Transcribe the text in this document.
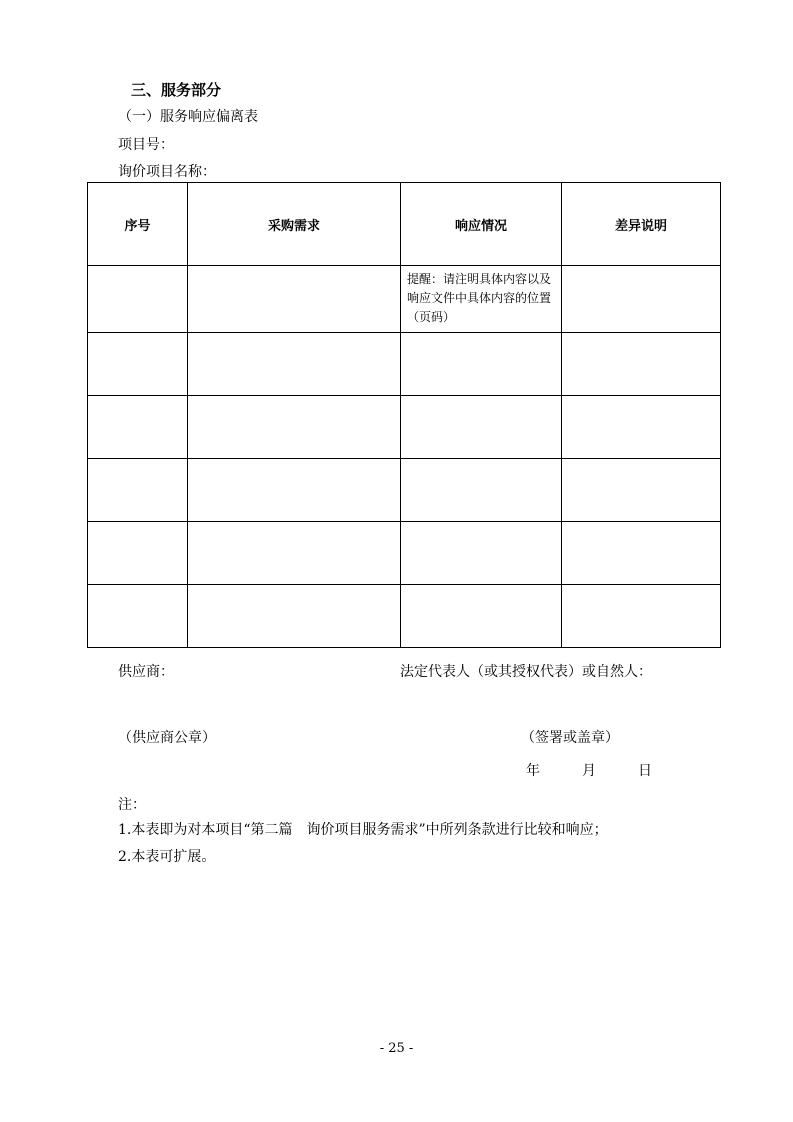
三、服务部分
（一）服务响应偏离表
项目号：
询价项目名称：
序号	采购需求	响应情况	差异说明
		提醒：请注明具体内容以及响应文件中具体内容的位置（页码）	

供应商：	法定代表人（或其授权代表）或自然人：
（供应商公章）	（签署或盖章）
年	月	日
注：
1.本表即为对本项目“第二篇　询价项目服务需求”中所列条款进行比较和响应；
2.本表可扩展。
- 25 -
